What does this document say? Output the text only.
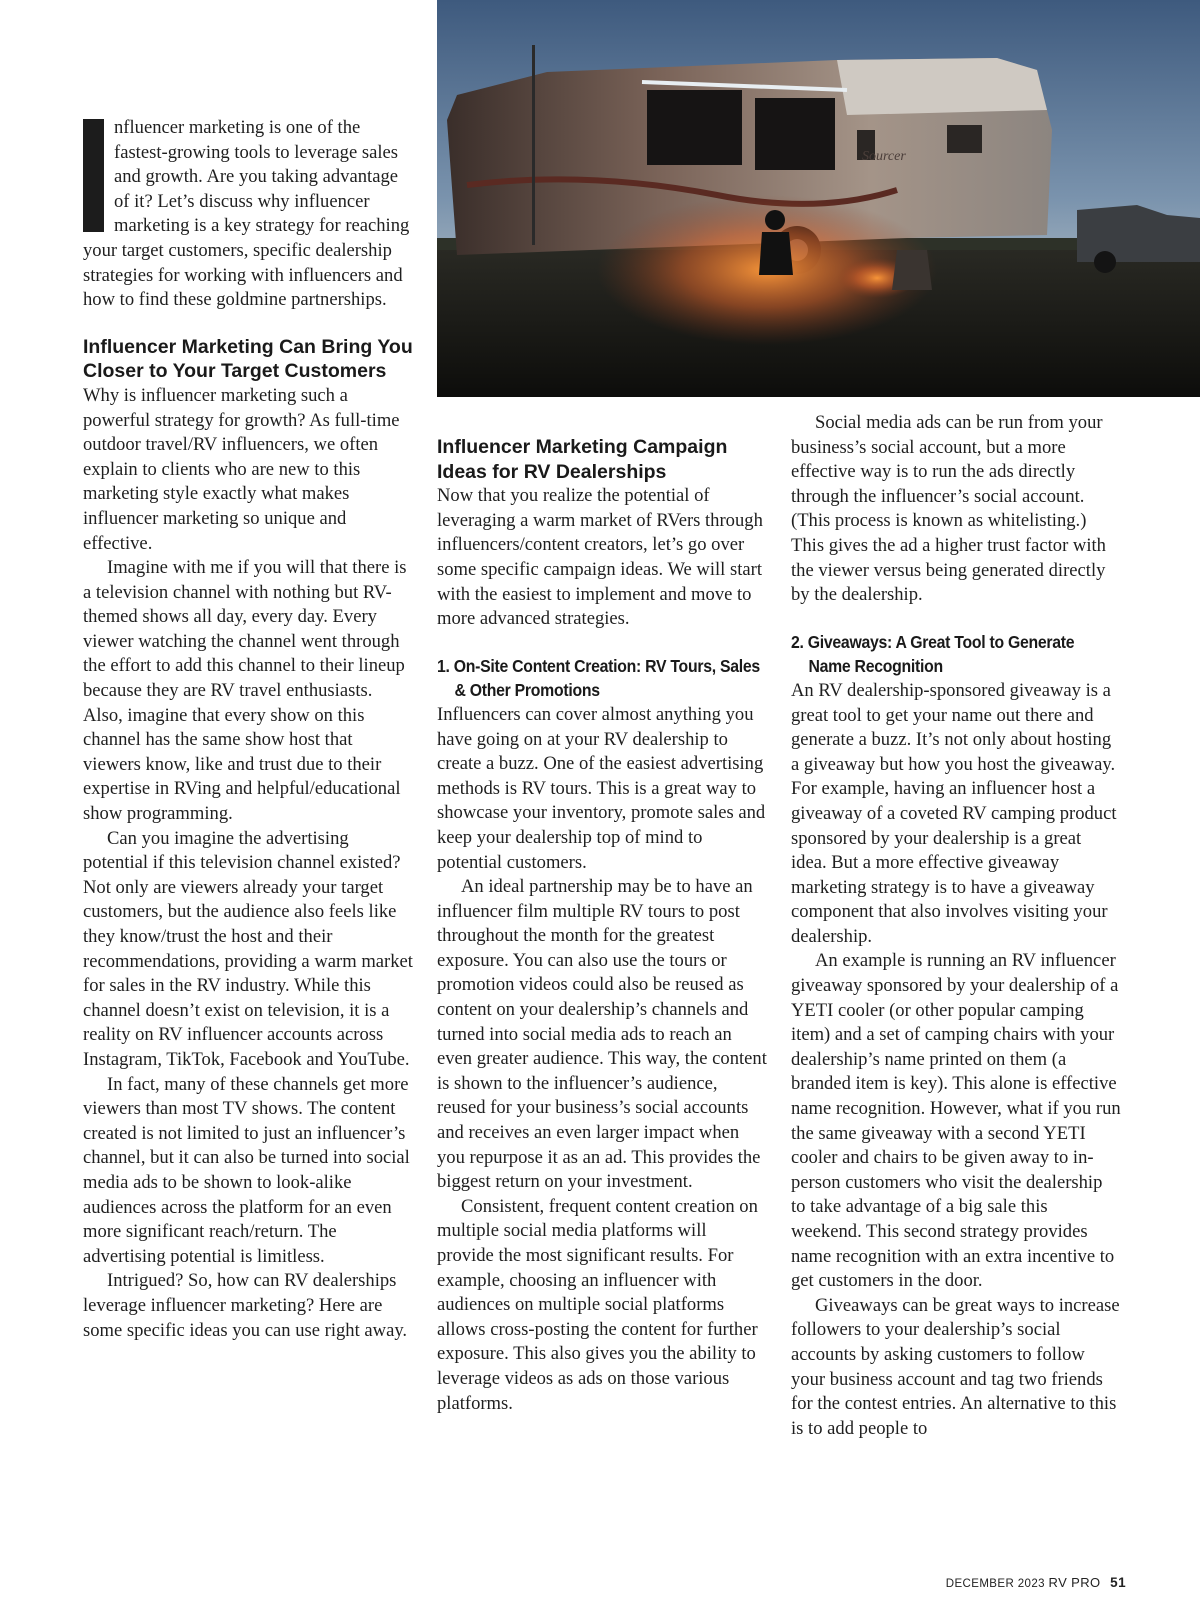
Sourcer

nfluencer marketing is one of the fastest-growing tools to leverage sales and growth. Are you taking advantage of it? Let’s discuss why influencer marketing is a key strategy for reaching your target customers, specific dealership strategies for working with influencers and how to find these goldmine partnerships.

Influencer Marketing Can Bring You Closer to Your Target Customers

Why is influencer marketing such a powerful strategy for growth? As full-time outdoor travel/RV influencers, we often explain to clients who are new to this marketing style exactly what makes influencer marketing so unique and effective.

Imagine with me if you will that there is a television channel with nothing but RV-themed shows all day, every day. Every viewer watching the channel went through the effort to add this channel to their lineup because they are RV travel enthusiasts. Also, imagine that every show on this channel has the same show host that viewers know, like and trust due to their expertise in RVing and helpful/educational show programming.

Can you imagine the advertising potential if this television channel existed? Not only are viewers already your target customers, but the audience also feels like they know/trust the host and their recommendations, providing a warm market for sales in the RV industry. While this channel doesn’t exist on television, it is a reality on RV influencer accounts across Instagram, TikTok, Facebook and YouTube.

In fact, many of these channels get more viewers than most TV shows. The content created is not limited to just an influencer’s channel, but it can also be turned into social media ads to be shown to look-alike audiences across the platform for an even more significant reach/return. The advertising potential is limitless.

Intrigued? So, how can RV dealerships leverage influencer marketing? Here are some specific ideas you can use right away.

Influencer Marketing Campaign Ideas for RV Dealerships

Now that you realize the potential of leveraging a warm market of RVers through influencers/content creators, let’s go over some specific campaign ideas. We will start with the easiest to implement and move to more advanced strategies.

1. On-Site Content Creation: RV Tours, Sales
& Other Promotions

Influencers can cover almost anything you have going on at your RV dealership to create a buzz. One of the easiest advertising methods is RV tours. This is a great way to showcase your inventory, promote sales and keep your dealership top of mind to potential customers.

An ideal partnership may be to have an influencer film multiple RV tours to post throughout the month for the greatest exposure. You can also use the tours or promotion videos could also be reused as content on your dealership’s channels and turned into social media ads to reach an even greater audience. This way, the content is shown to the influencer’s audience, reused for your business’s social accounts and receives an even larger impact when you repurpose it as an ad. This provides the biggest return on your investment.

Consistent, frequent content creation on multiple social media platforms will provide the most significant results. For example, choosing an influencer with audiences on multiple social platforms allows cross-posting the content for further exposure. This also gives you the ability to leverage videos as ads on those various platforms.

Social media ads can be run from your business’s social account, but a more effective way is to run the ads directly through the influencer’s social account. (This process is known as whitelisting.) This gives the ad a higher trust factor with the viewer versus being generated directly by the dealership.

2. Giveaways: A Great Tool to Generate
Name Recognition

An RV dealership-sponsored giveaway is a great tool to get your name out there and generate a buzz. It’s not only about hosting a giveaway but how you host the giveaway. For example, having an influencer host a giveaway of a coveted RV camping product sponsored by your dealership is a great idea. But a more effective giveaway marketing strategy is to have a giveaway component that also involves visiting your dealership.

An example is running an RV influencer giveaway sponsored by your dealership of a YETI cooler (or other popular camping item) and a set of camping chairs with your dealership’s name printed on them (a branded item is key). This alone is effective name recognition. However, what if you run the same giveaway with a second YETI cooler and chairs to be given away to in-person customers who visit the dealership to take advantage of a big sale this weekend. This second strategy provides name recognition with an extra incentive to get customers in the door.

Giveaways can be great ways to increase followers to your dealership’s social accounts by asking customers to follow your business account and tag two friends for the contest entries. An alternative to this is to add people to

DECEMBER 2023 RV PRO 51
